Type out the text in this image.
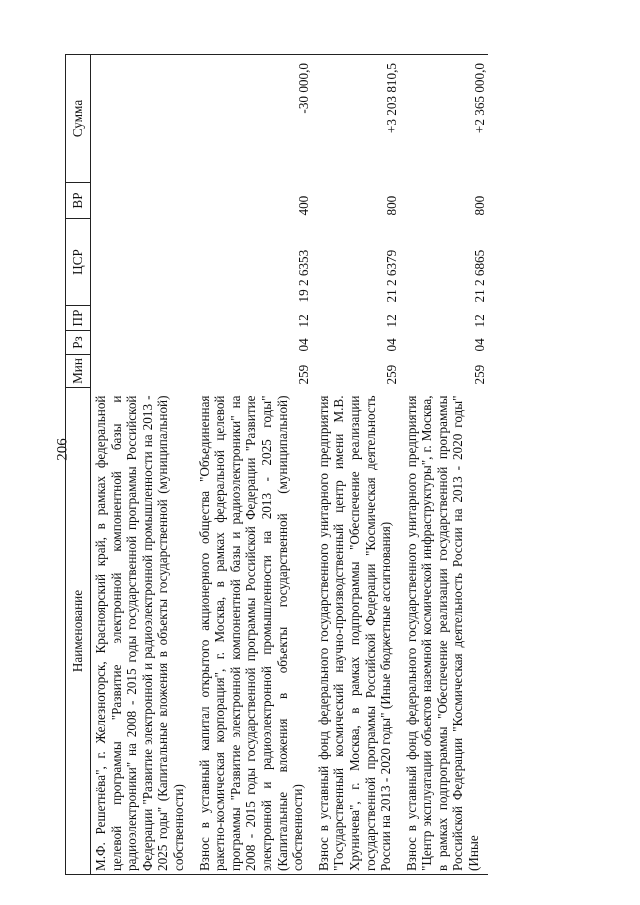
206
Наименование	Мин	Рз	ПР	ЦСР	ВР	Сумма
М.Ф. Решетнёва", г. Железногорск, Красноярский край, в рамках федеральной целевой программы "Развитие электронной компонентной базы и радиоэлектроники" на 2008 - 2015 годы государственной программы Российской Федерации "Развитие электронной и радиоэлектронной промышленности на 2013 - 2025 годы" (Капитальные вложения в объекты государственной (муниципальной) собственности)						
Взнос в уставный капитал открытого акционерного общества "Объединенная ракетно-космическая корпорация", г. Москва, в рамках федеральной целевой программы "Развитие электронной компонентной базы и радиоэлектроники" на 2008 - 2015 годы государственной программы Российской Федерации "Развитие электронной и радиоэлектронной промышленности на 2013 - 2025 годы" (Капитальные вложения в объекты государственной (муниципальной) собственности)	259	04	12	19 2 6353	400	-30 000,0
Взнос в уставный фонд федерального государственного унитарного предприятия "Государственный космический научно-производственный центр имени М.В. Хруничева", г. Москва, в рамках подпрограммы "Обеспечение реализации государственной программы Российской Федерации "Космическая деятельность России на 2013 - 2020 годы" (Иные бюджетные ассигнования)	259	04	12	21 2 6379	800	+3 203 810,5
Взнос в уставный фонд федерального государственного унитарного предприятия "Центр эксплуатации объектов наземной космической инфраструктуры", г. Москва, в рамках подпрограммы "Обеспечение реализации государственной программы Российской Федерации "Космическая деятельность России на 2013 - 2020 годы" (Иные	259	04	12	21 2 6865	800	+2 365 000,0
